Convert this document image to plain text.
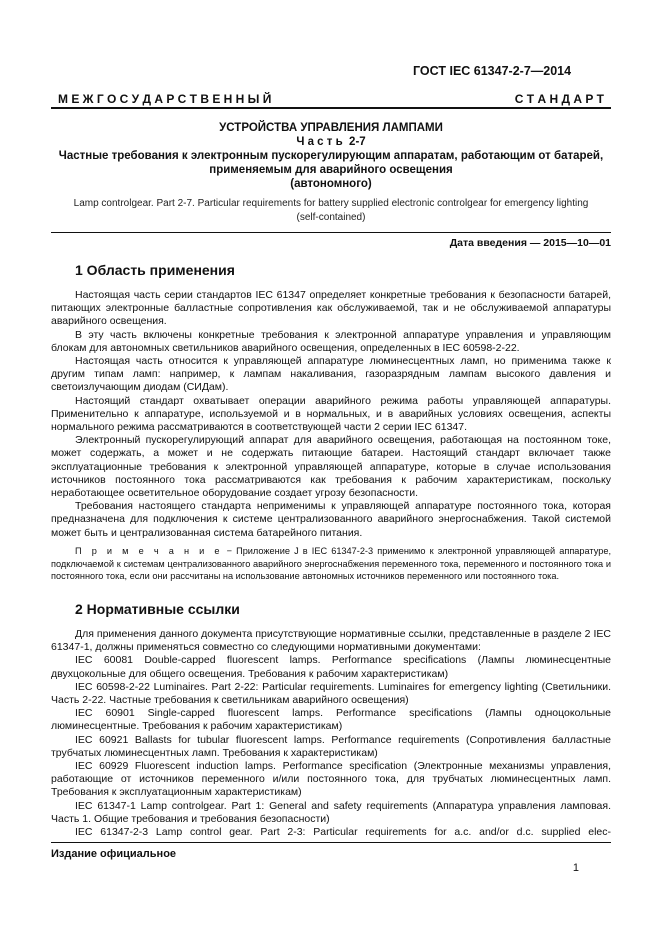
ГОСТ IEC 61347-2-7—2014
М Е Ж Г О С У Д А Р С Т В Е Н Н Ы Й	С Т А Н Д А Р Т
УСТРОЙСТВА УПРАВЛЕНИЯ ЛАМПАМИ
Ч а с т ь  2-7
Частные требования к электронным пускорегулирующим аппаратам, работающим от батарей,
применяемым для аварийного освещения
(автономного)
Lamp controlgear. Part 2-7. Particular requirements for battery supplied electronic controlgear for emergency lighting
(self-contained)
Дата введения — 2015—10—01
1 Область применения

Настоящая часть серии стандартов IEC 61347 определяет конкретные требования к безопасности батарей, питающих электронные балластные сопротивления как обслуживаемой, так и не обслуживаемой аппаратуры аварийного освещения.

В эту часть включены конкретные требования к электронной аппаратуре управления и управляющим блокам для автономных светильников аварийного освещения, определенных в IEC 60598-2-22.

Настоящая часть относится к управляющей аппаратуре люминесцентных ламп, но применима также к другим типам ламп: например, к лампам накаливания, газоразрядным лампам высокого давления и светоизлучающим диодам (СИДам).

Настоящий стандарт охватывает операции аварийного режима работы управляющей аппаратуры. Применительно к аппаратуре, используемой и в нормальных, и в аварийных условиях освещения, аспекты нормального режима рассматриваются в соответствующей части 2 серии IEC 61347.

Электронный пускорегулирующий аппарат для аварийного освещения, работающая на постоянном токе, может содержать, а может и не содержать питающие батареи. Настоящий стандарт включает также эксплуатационные требования к электронной управляющей аппаратуре, которые в случае использования источников постоянного тока рассматриваются как требования к рабочим характеристикам, поскольку неработающее осветительное оборудование создает угрозу безопасности.

Требования настоящего стандарта неприменимы к управляющей аппаратуре постоянного тока, которая предназначена для подключения к системе централизованного аварийного энергоснабжения. Такой системой может быть и централизованная система батарейного питания.

П р и м е ч а н и е − Приложение J в IEC 61347-2-3 применимо к электронной управляющей аппаратуре, подключаемой к системам централизованного аварийного энергоснабжения переменного тока, переменного и постоянного тока и постоянного тока, если они рассчитаны на использование автономных источников переменного или постоянного тока.

2 Нормативные ссылки

Для применения данного документа присутствующие нормативные ссылки, представленные в разделе 2 IEC 61347-1, должны применяться совместно со следующими нормативными документами:

IEC 60081 Double-capped fluorescent lamps. Performance specifications (Лампы люминесцентные двухцокольные для общего освещения. Требования к рабочим характеристикам)

IEC 60598-2-22 Luminaires. Part 2-22: Particular requirements. Luminaires for emergency lighting (Светильники. Часть 2-22. Частные требования к светильникам аварийного освещения)

IEC 60901 Single-capped fluorescent lamps. Performance specifications (Лампы одноцокольные люминесцентные. Требования к рабочим характеристикам)

IEC 60921 Ballasts for tubular fluorescent lamps. Performance requirements (Сопротивления балластные трубчатых люминесцентных ламп. Требования к характеристикам)

IEC 60929 Fluorescent induction lamps. Performance specification (Электронные механизмы управления, работающие от источников переменного и/или постоянного тока, для трубчатых люминесцентных ламп. Требования к эксплуатационным характеристикам)

IEC 61347-1 Lamp controlgear. Part 1: General and safety requirements (Аппаратура управления ламповая. Часть 1. Общие требования и требования безопасности)

IEC 61347-2-3 Lamp control gear. Part 2-3: Particular requirements for a.c. and/or d.c. supplied elec-

Издание официальное
1
